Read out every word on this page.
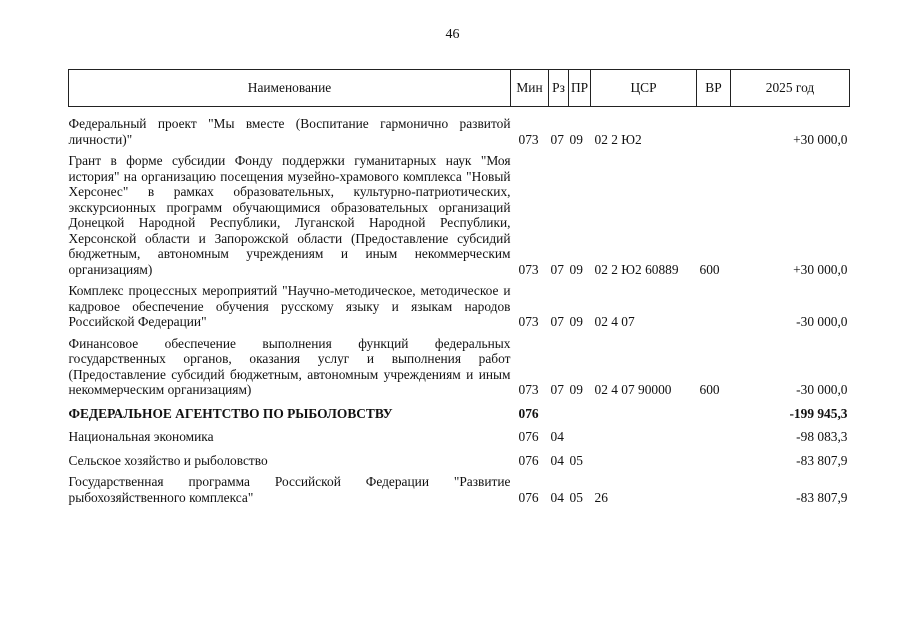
46
Наименование	Мин	Рз	ПР	ЦСР	ВР	2025 год
Федеральный проект "Мы вместе (Воспитание гармонично развитой личности)"	073	07	09	02 2 Ю2		+30 000,0
Грант в форме субсидии Фонду поддержки гуманитарных наук "Моя история" на организацию посещения музейно-храмового комплекса "Новый Херсонес" в рамках образовательных, культурно-патриотических, экскурсионных программ обучающимися образовательных организаций Донецкой Народной Республики, Луганской Народной Республики, Херсонской области и Запорожской области (Предоставление субсидий бюджетным, автономным учреждениям и иным некоммерческим организациям)	073	07	09	02 2 Ю2 60889	600	+30 000,0
Комплекс процессных мероприятий "Научно-методическое, методическое и кадровое обеспечение обучения русскому языку и языкам народов Российской Федерации"	073	07	09	02 4 07		-30 000,0
Финансовое обеспечение выполнения функций федеральных государственных органов, оказания услуг и выполнения работ (Предоставление субсидий бюджетным, автономным учреждениям и иным некоммерческим организациям)	073	07	09	02 4 07 90000	600	-30 000,0
ФЕДЕРАЛЬНОЕ АГЕНТСТВО ПО РЫБОЛОВСТВУ	076					-199 945,3
Национальная экономика	076	04				-98 083,3
Сельское хозяйство и рыболовство	076	04	05			-83 807,9
Государственная программа Российской Федерации "Развитие рыбохозяйственного комплекса"	076	04	05	26		-83 807,9
